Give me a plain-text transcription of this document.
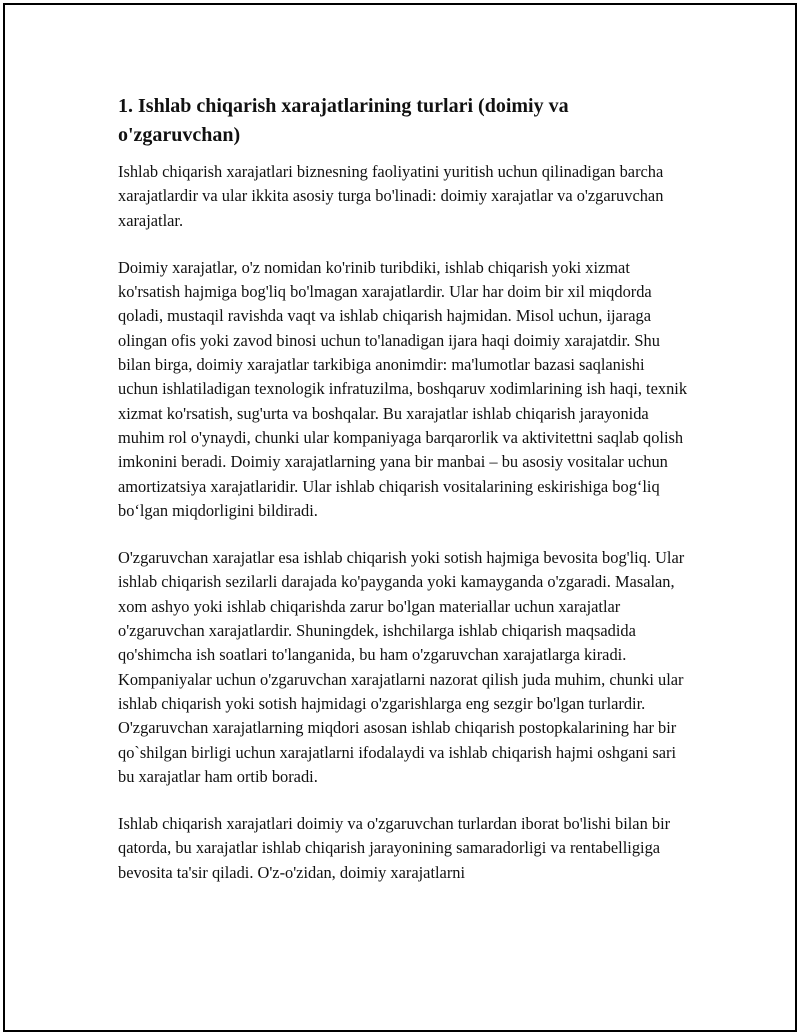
1. Ishlab chiqarish xarajatlarining turlari (doimiy va o'zgaruvchan)

Ishlab chiqarish xarajatlari biznesning faoliyatini yuritish uchun qilinadigan barcha xarajatlardir va ular ikkita asosiy turga bo'linadi: doimiy xarajatlar va o'zgaruvchan xarajatlar.

Doimiy xarajatlar, o'z nomidan ko'rinib turibdiki, ishlab chiqarish yoki xizmat ko'rsatish hajmiga bog'liq bo'lmagan xarajatlardir. Ular har doim bir xil miqdorda qoladi, mustaqil ravishda vaqt va ishlab chiqarish hajmidan. Misol uchun, ijaraga olingan ofis yoki zavod binosi uchun to'lanadigan ijara haqi doimiy xarajatdir. Shu bilan birga, doimiy xarajatlar tarkibiga anonimdir: ma'lumotlar bazasi saqlanishi uchun ishlatiladigan texnologik infratuzilma, boshqaruv xodimlarining ish haqi, texnik xizmat ko'rsatish, sug'urta va boshqalar. Bu xarajatlar ishlab chiqarish jarayonida muhim rol o'ynaydi, chunki ular kompaniyaga barqarorlik va aktivitettni saqlab qolish imkonini beradi. Doimiy xarajatlarning yana bir manbai – bu asosiy vositalar uchun amortizatsiya xarajatlaridir. Ular ishlab chiqarish vositalarining eskirishiga bog‘liq bo‘lgan miqdorligini bildiradi.

O'zgaruvchan xarajatlar esa ishlab chiqarish yoki sotish hajmiga bevosita bog'liq. Ular ishlab chiqarish sezilarli darajada ko'payganda yoki kamayganda o'zgaradi. Masalan, xom ashyo yoki ishlab chiqarishda zarur bo'lgan materiallar uchun xarajatlar o'zgaruvchan xarajatlardir. Shuningdek, ishchilarga ishlab chiqarish maqsadida qo'shimcha ish soatlari to'langanida, bu ham o'zgaruvchan xarajatlarga kiradi. Kompaniyalar uchun o'zgaruvchan xarajatlarni nazorat qilish juda muhim, chunki ular ishlab chiqarish yoki sotish hajmidagi o'zgarishlarga eng sezgir bo'lgan turlardir. O'zgaruvchan xarajatlarning miqdori asosan ishlab chiqarish postopkalarining har bir qo`shilgan birligi uchun xarajatlarni ifodalaydi va ishlab chiqarish hajmi oshgani sari bu xarajatlar ham ortib boradi.

Ishlab chiqarish xarajatlari doimiy va o'zgaruvchan turlardan iborat bo'lishi bilan bir qatorda, bu xarajatlar ishlab chiqarish jarayonining samaradorligi va rentabelligiga bevosita ta'sir qiladi. O'z-o'zidan, doimiy xarajatlarni
